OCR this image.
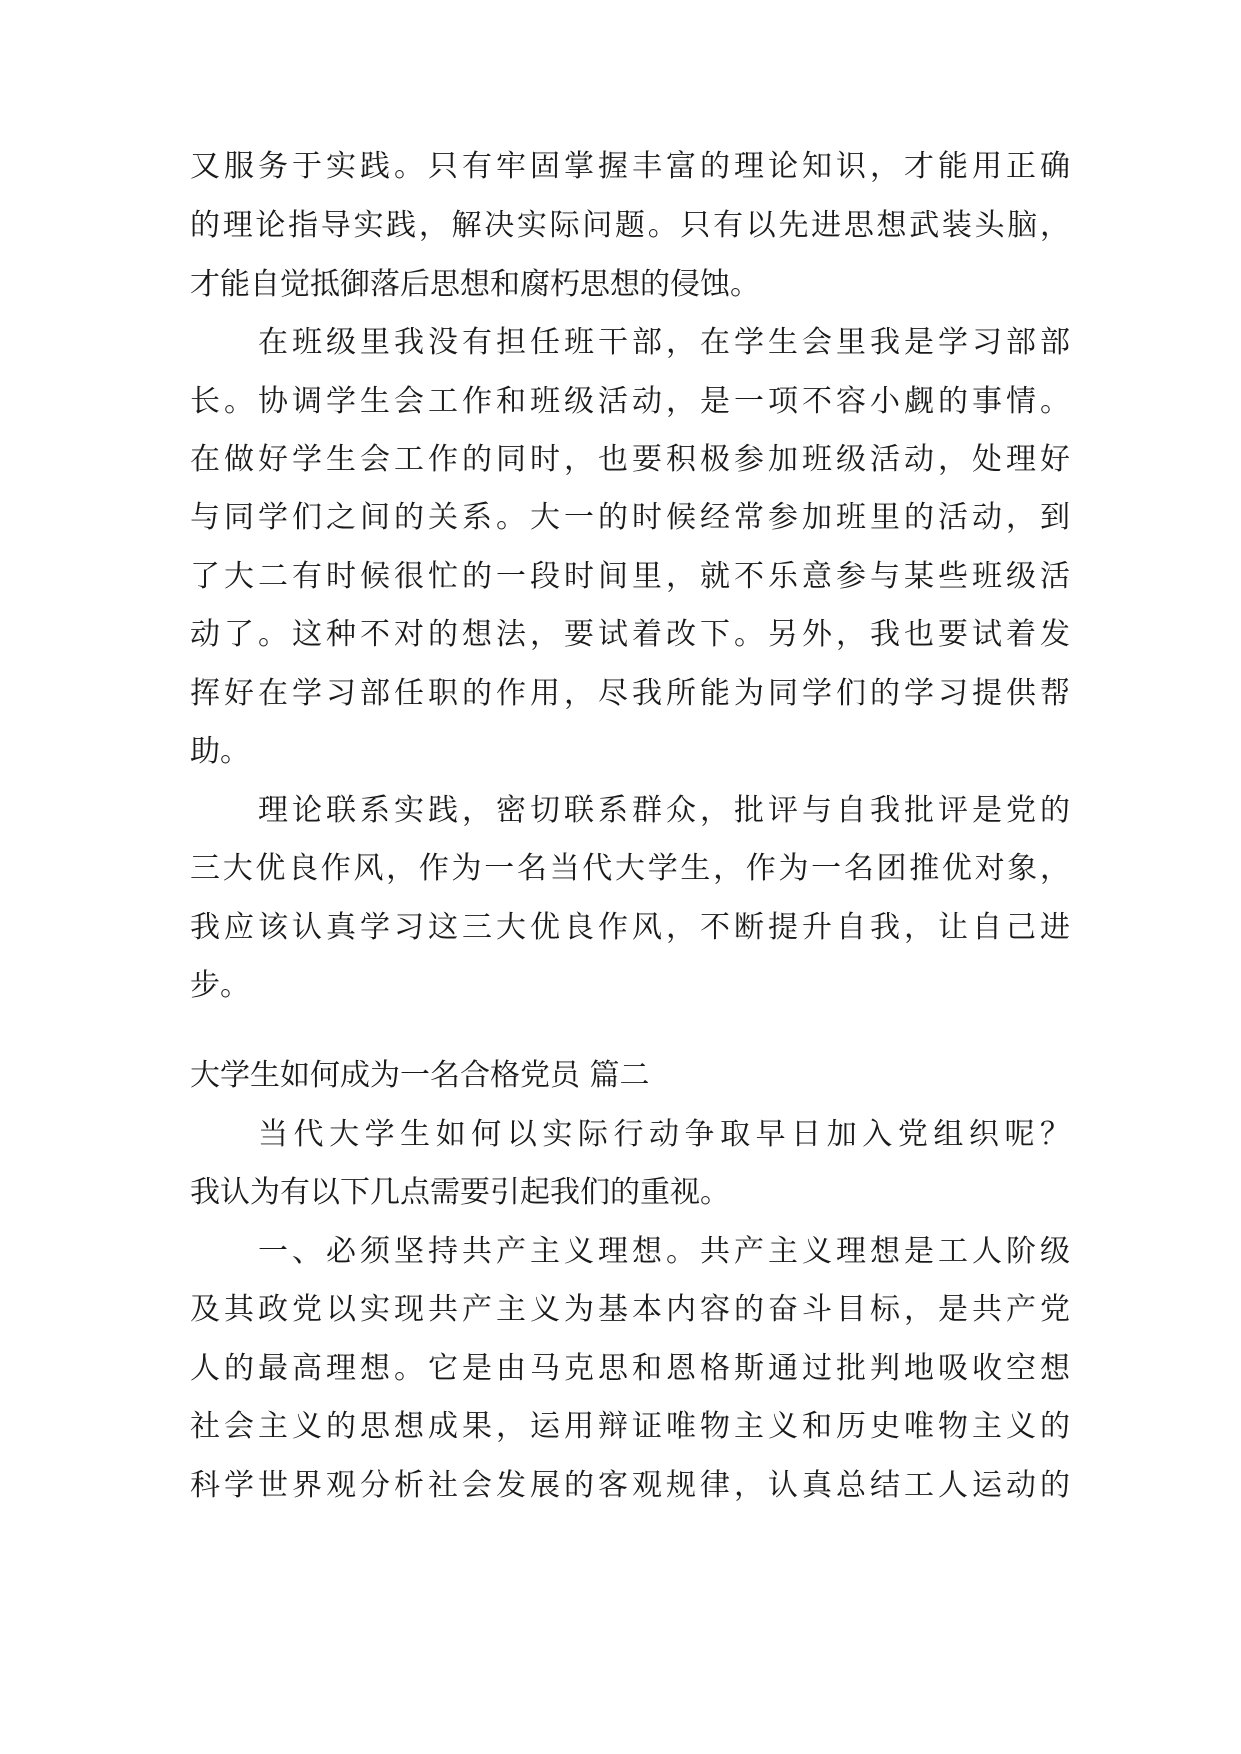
又服务于实践。只有牢固掌握丰富的理论知识，才能用正确
的理论指导实践，解决实际问题。只有以先进思想武装头脑，
才能自觉抵御落后思想和腐朽思想的侵蚀。
在班级里我没有担任班干部，在学生会里我是学习部部
长。协调学生会工作和班级活动，是一项不容小觑的事情。
在做好学生会工作的同时，也要积极参加班级活动，处理好
与同学们之间的关系。大一的时候经常参加班里的活动，到
了大二有时候很忙的一段时间里，就不乐意参与某些班级活
动了。这种不对的想法，要试着改下。另外，我也要试着发
挥好在学习部任职的作用，尽我所能为同学们的学习提供帮
助。
理论联系实践，密切联系群众，批评与自我批评是党的
三大优良作风，作为一名当代大学生，作为一名团推优对象，
我应该认真学习这三大优良作风，不断提升自我，让自己进
步。
大学生如何成为一名合格党员 篇二
当代大学生如何以实际行动争取早日加入党组织呢？
我认为有以下几点需要引起我们的重视。
一、必须坚持共产主义理想。共产主义理想是工人阶级
及其政党以实现共产主义为基本内容的奋斗目标，是共产党
人的最高理想。它是由马克思和恩格斯通过批判地吸收空想
社会主义的思想成果，运用辩证唯物主义和历史唯物主义的
科学世界观分析社会发展的客观规律，认真总结工人运动的
